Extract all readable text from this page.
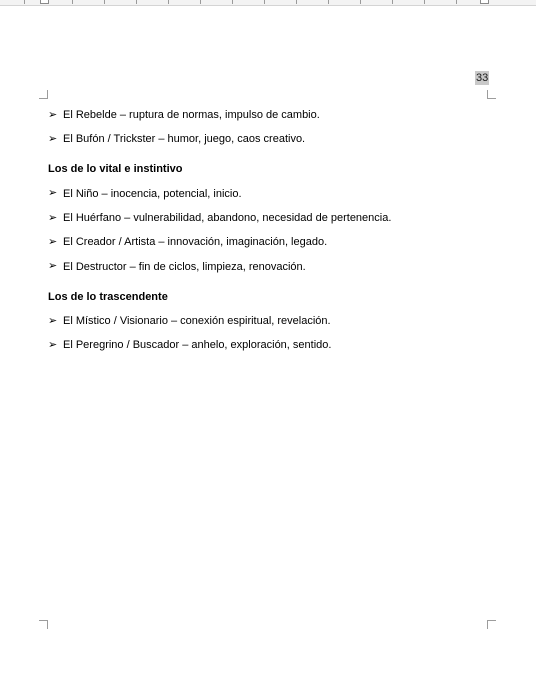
33
➢ El Rebelde – ruptura de normas, impulso de cambio.
➢ El Bufón / Trickster – humor, juego, caos creativo.
Los de lo vital e instintivo
➢ El Niño – inocencia, potencial, inicio.
➢ El Huérfano – vulnerabilidad, abandono, necesidad de pertenencia.
➢ El Creador / Artista – innovación, imaginación, legado.
➢ El Destructor – fin de ciclos, limpieza, renovación.
Los de lo trascendente
➢ El Místico / Visionario – conexión espiritual, revelación.
➢ El Peregrino / Buscador – anhelo, exploración, sentido.
